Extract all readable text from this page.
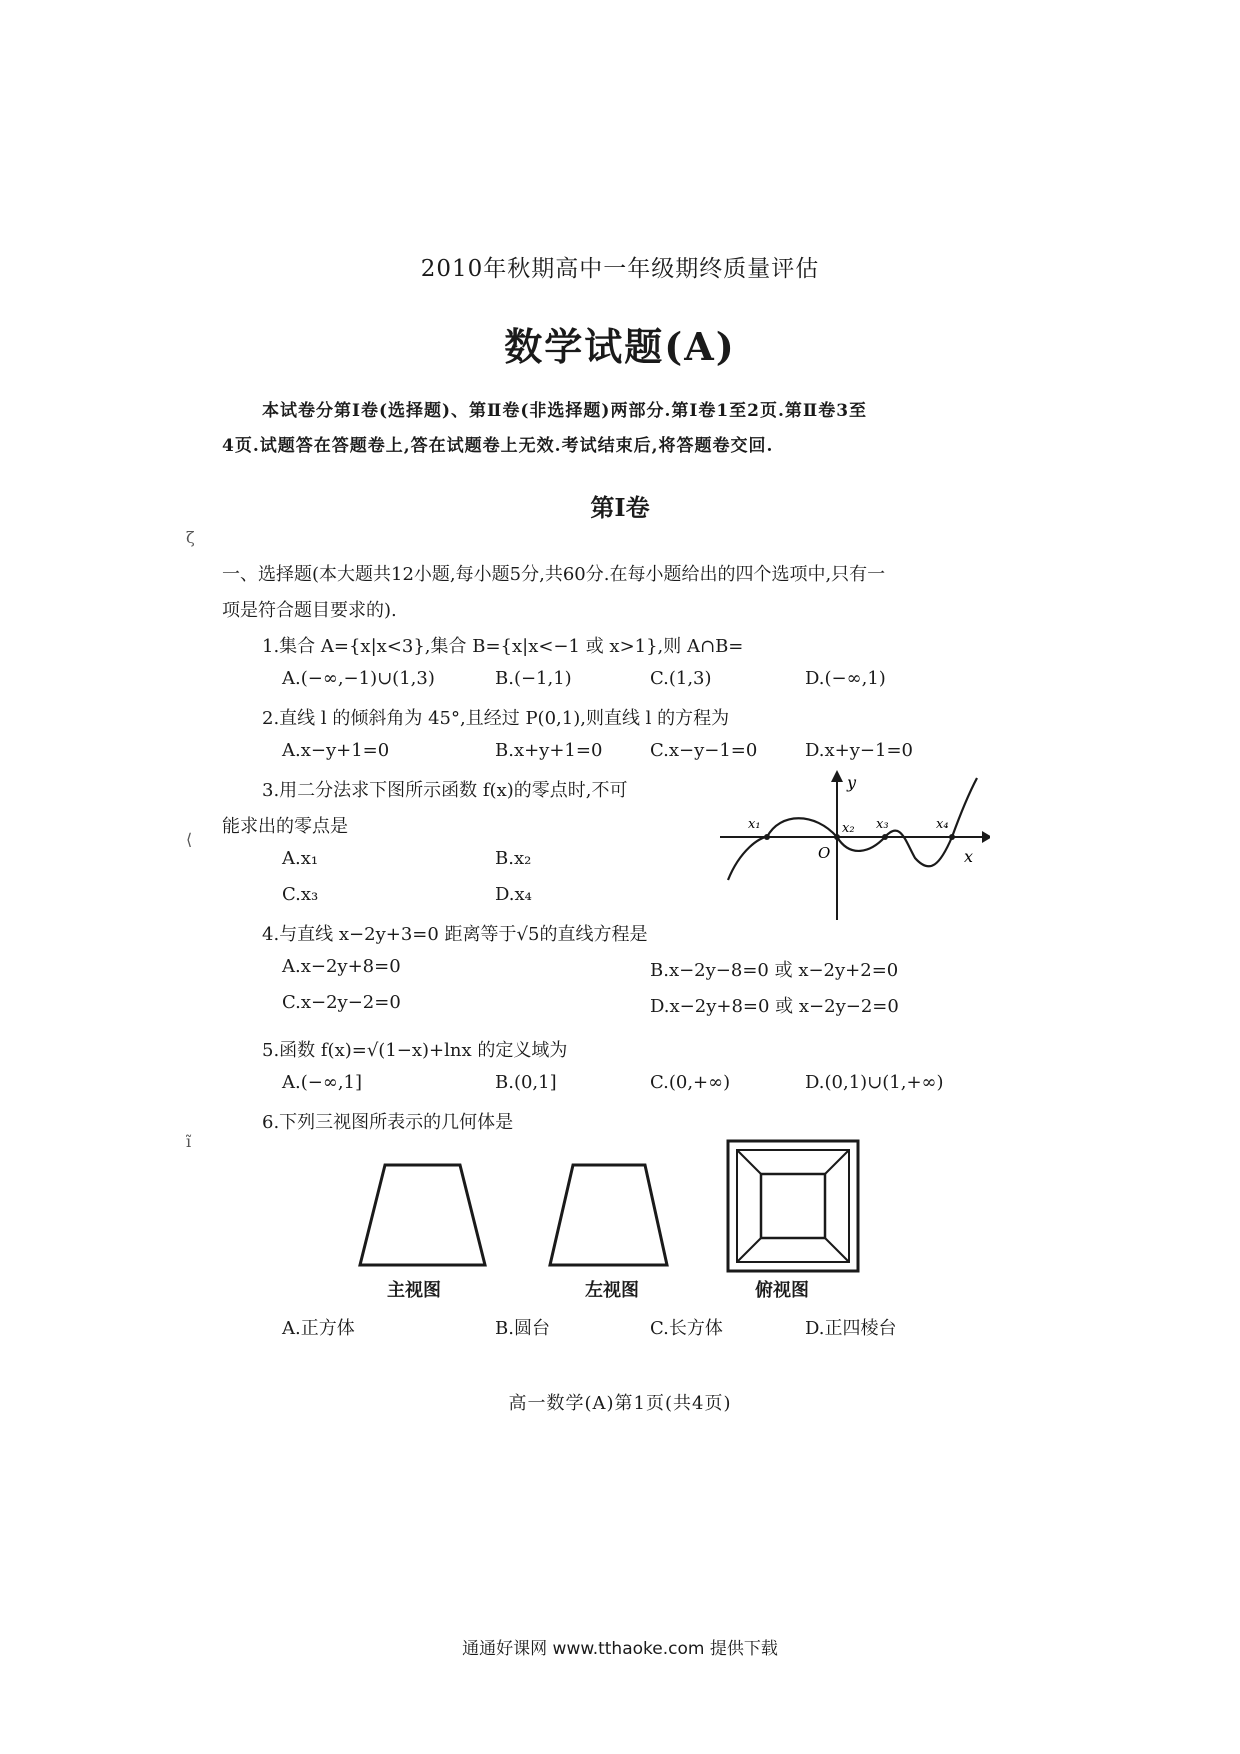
2010年秋期高中一年级期终质量评估
数学试题(A)
本试卷分第Ⅰ卷(选择题)、第Ⅱ卷(非选择题)两部分.第Ⅰ卷1至2页.第Ⅱ卷3至
4页.试题答在答题卷上,答在试题卷上无效.考试结束后,将答题卷交回.
第Ⅰ卷
ζ
⟨
ĩ
一、选择题(本大题共12小题,每小题5分,共60分.在每小题给出的四个选项中,只有一
项是符合题目要求的).
1.集合 A={x|x<3},集合 B={x|x<−1 或 x>1},则 A∩B=
A.(−∞,−1)∪(1,3)	B.(−1,1)	C.(1,3)	D.(−∞,1)
2.直线 l 的倾斜角为 45°,且经过 P(0,1),则直线 l 的方程为
A.x−y+1=0	B.x+y+1=0	C.x−y−1=0	D.x+y−1=0
3.用二分法求下图所示函数 f(x)的零点时,不可
能求出的零点是
A.x₁	B.x₂
C.x₃	D.x₄
y
x
O
x₁	x₂ x₃	x₄
4.与直线 x−2y+3=0 距离等于√5的直线方程是
A.x−2y+8=0	B.x−2y−8=0 或 x−2y+2=0
C.x−2y−2=0	D.x−2y+8=0 或 x−2y−2=0
5.函数 f(x)=√(1−x)+lnx 的定义域为
A.(−∞,1]	B.(0,1]	C.(0,+∞)	D.(0,1)∪(1,+∞)
6.下列三视图所表示的几何体是
主视图	左视图	俯视图
A.正方体	B.圆台	C.长方体	D.正四棱台
高一数学(A)第1页(共4页)
通通好课网 www.tthaoke.com 提供下载
